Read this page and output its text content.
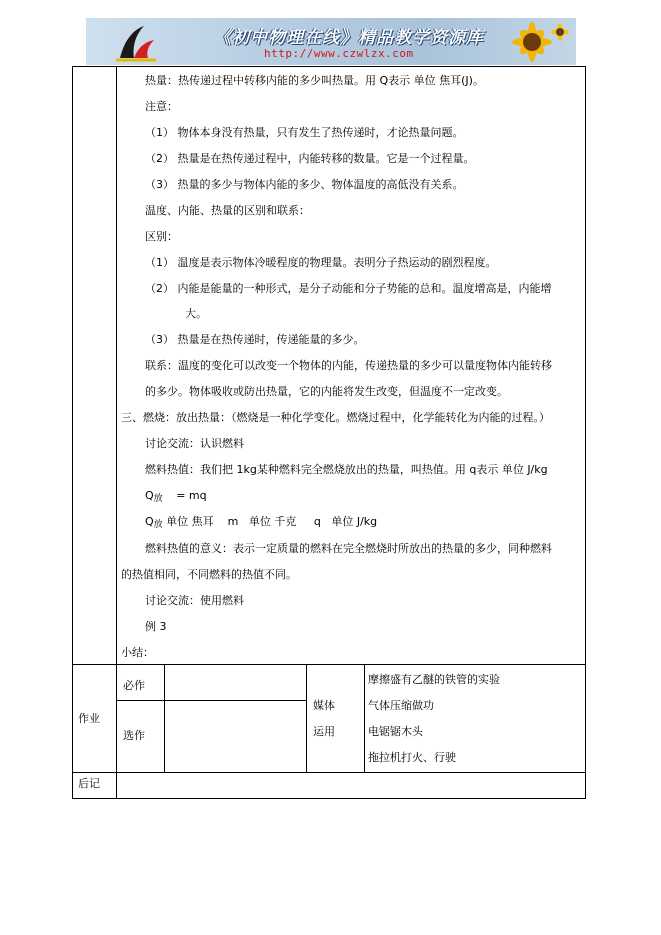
《初中物理在线》精品教学资源库
http://www.czwlzx.com
热量：热传递过程中转移内能的多少叫热量。用 Q表示 单位 焦耳(J)。
注意：
（1） 物体本身没有热量，只有发生了热传递时，才论热量问题。
（2） 热量是在热传递过程中，内能转移的数量。它是一个过程量。
（3） 热量的多少与物体内能的多少、物体温度的高低没有关系。
温度、内能、热量的区别和联系：
区别：
（1） 温度是表示物体冷暖程度的物理量。表明分子热运动的剧烈程度。
（2） 内能是能量的一种形式，是分子动能和分子势能的总和。温度增高是，内能增
大。
（3） 热量是在热传递时，传递能量的多少。
联系：温度的变化可以改变一个物体的内能，传递热量的多少可以量度物体内能转移
的多少。物体吸收或防出热量，它的内能将发生改变，但温度不一定改变。
三、燃烧：放出热量：（燃烧是一种化学变化。燃烧过程中，化学能转化为内能的过程。）
讨论交流：认识燃料
燃料热值：我们把 1kg某种燃料完全燃烧放出的热量，叫热值。用 q表示 单位 J/kg
$Q_放$ = mq
$Q_放$ 单位 焦耳    m   单位 千克     q   单位 J/kg
燃料热值的意义：表示一定质量的燃料在完全燃烧时所放出的热量的多少，同种燃料
的热值相同，不同燃料的热值不同。
讨论交流：使用燃料
例 3
小结：
作业
必作
选作
媒体
运用
摩擦盛有乙醚的铁管的实验
气体压缩做功
电锯锯木头
拖拉机打火、行驶
后记
